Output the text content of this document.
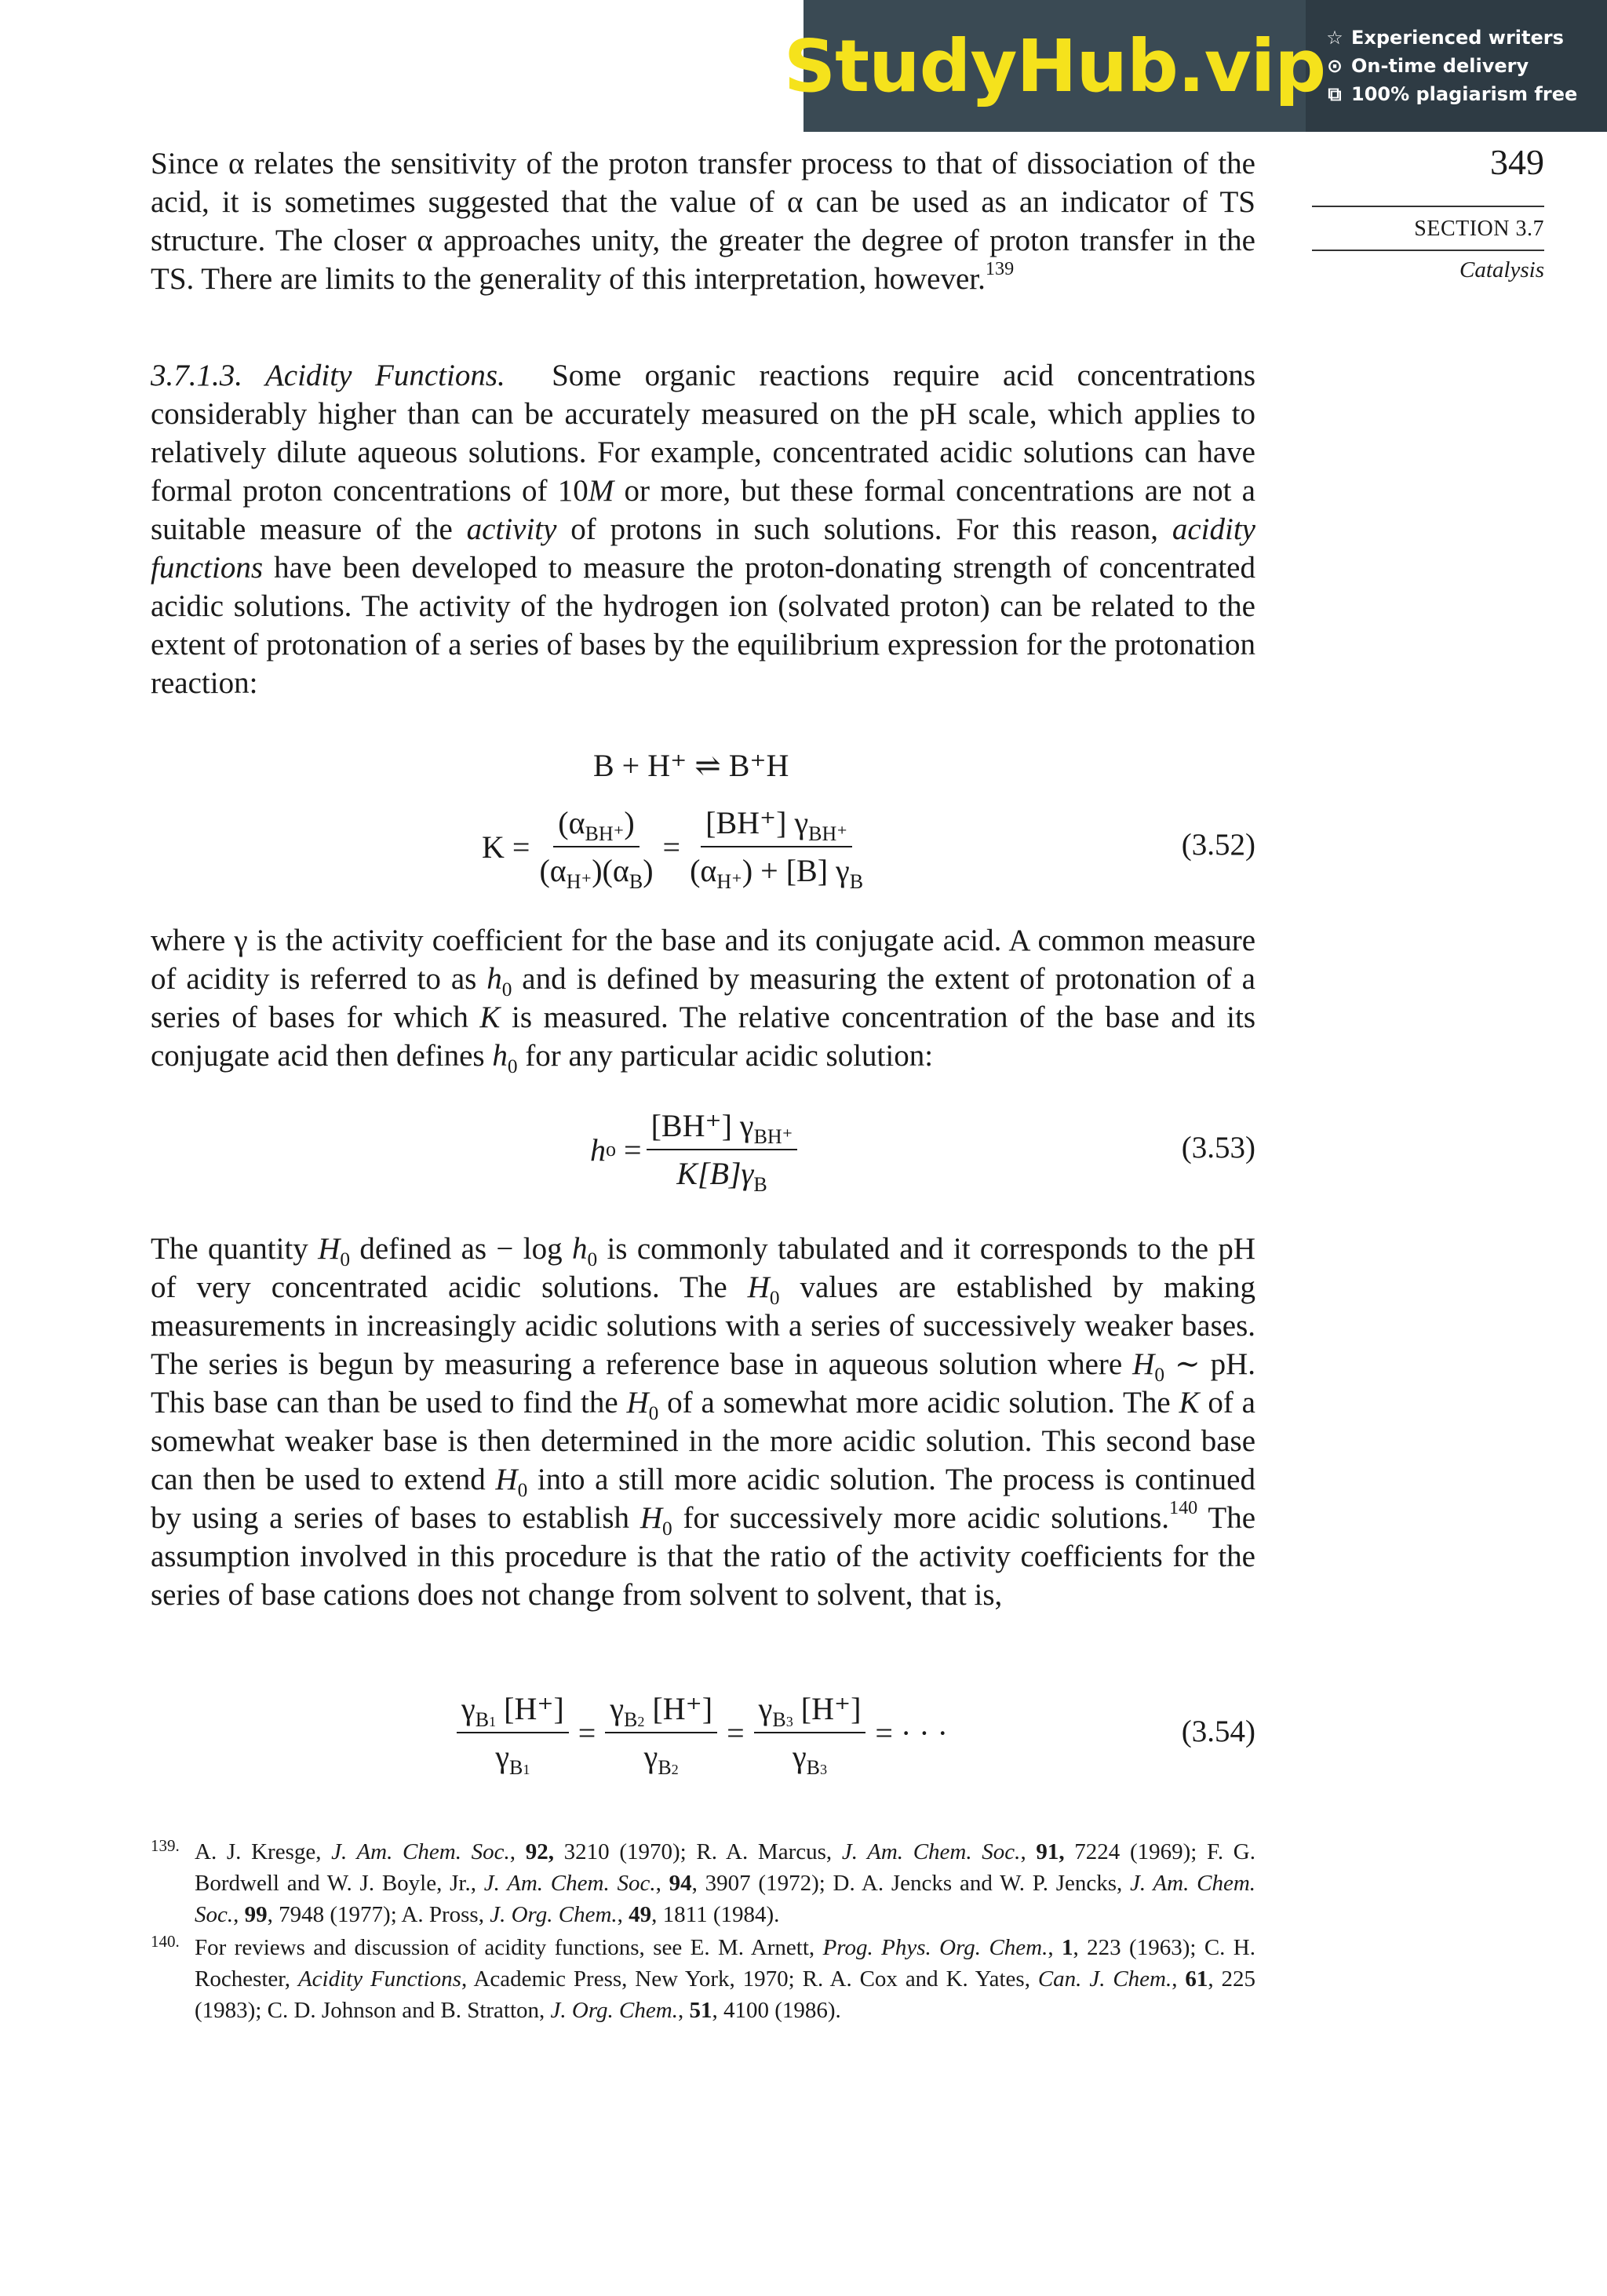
StudyHub.vip ☆ Experienced writers
⊙ On-time delivery
⧉ 100% plagiarism free
349
SECTION 3.7
Catalysis

Since α relates the sensitivity of the proton transfer process to that of dissociation of the acid, it is sometimes suggested that the value of α can be used as an indicator of TS structure. The closer α approaches unity, the greater the degree of proton transfer in the TS. There are limits to the generality of this interpretation, however.$^{139}$

3.7.1.3. Acidity Functions. Some organic reactions require acid concentrations considerably higher than can be accurately measured on the pH scale, which applies to relatively dilute aqueous solutions. For example, concentrated acidic solutions can have formal proton concentrations of 10M or more, but these formal concentrations are not a suitable measure of the activity of protons in such solutions. For this reason, acidity functions have been developed to measure the proton-donating strength of concentrated acidic solutions. The activity of the hydrogen ion (solvated proton) can be related to the extent of protonation of a series of bases by the equilibrium expression for the protonation reaction:

B + H⁺ ⇌ B⁺H
$K = \frac{(\alpha_{BH^+})}{(\alpha_{H^+})(\alpha_B)} = \frac{[BH^+] \gamma_{BH^+}}{(\alpha_{H^+}) + [B] \gamma_B}$	(3.52)

where γ is the activity coefficient for the base and its conjugate acid. A common measure of acidity is referred to as $h_0$ and is defined by measuring the extent of protonation of a series of bases for which K is measured. The relative concentration of the base and its conjugate acid then defines $h_0$ for any particular acidic solution:

h $o = \frac{[BH^+] \gamma_{BH^+}}{K[B]\gamma_B}$	(3.53)

The quantity $H_0$ defined as − $\log h_0$ is commonly tabulated and it corresponds to the pH of very concentrated acidic solutions. The $H_0$ values are established by making measurements in increasingly acidic solutions with a series of successively weaker bases. The series is begun by measuring a reference base in aqueous solution where $H_0$ ∼ pH. This base can than be used to find the $H_0$ of a somewhat more acidic solution. The K of a somewhat weaker base is then determined in the more acidic solution. This second base can then be used to extend $H_0$ into a still more acidic solution. The process is continued by using a series of bases to establish $H_0$ for successively more acidic solutions.$^{140}$ The assumption involved in this procedure is that the ratio of the activity coefficients for the series of base cations does not change from solvent to solvent, that is,

$\frac{\gamma_{B1} [H^+]}{\gamma_{B1}} = \frac{\gamma_{B2} [H^+]}{\gamma_{B2}} = \frac{\gamma_{B3} [H^+]}{\gamma_{B3}}$ = · · ·	(3.54)
139. A. J. Kresge, J. Am. Chem. Soc., 92, 3210 (1970); R. A. Marcus, J. Am. Chem. Soc., 91, 7224 (1969); F. G. Bordwell and W. J. Boyle, Jr., J. Am. Chem. Soc., 94, 3907 (1972); D. A. Jencks and W. P. Jencks, J. Am. Chem. Soc., 99, 7948 (1977); A. Pross, J. Org. Chem., 49, 1811 (1984).
140. For reviews and discussion of acidity functions, see E. M. Arnett, Prog. Phys. Org. Chem., 1, 223 (1963); C. H. Rochester, Acidity Functions, Academic Press, New York, 1970; R. A. Cox and K. Yates, Can. J. Chem., 61, 225 (1983); C. D. Johnson and B. Stratton, J. Org. Chem., 51, 4100 (1986).
